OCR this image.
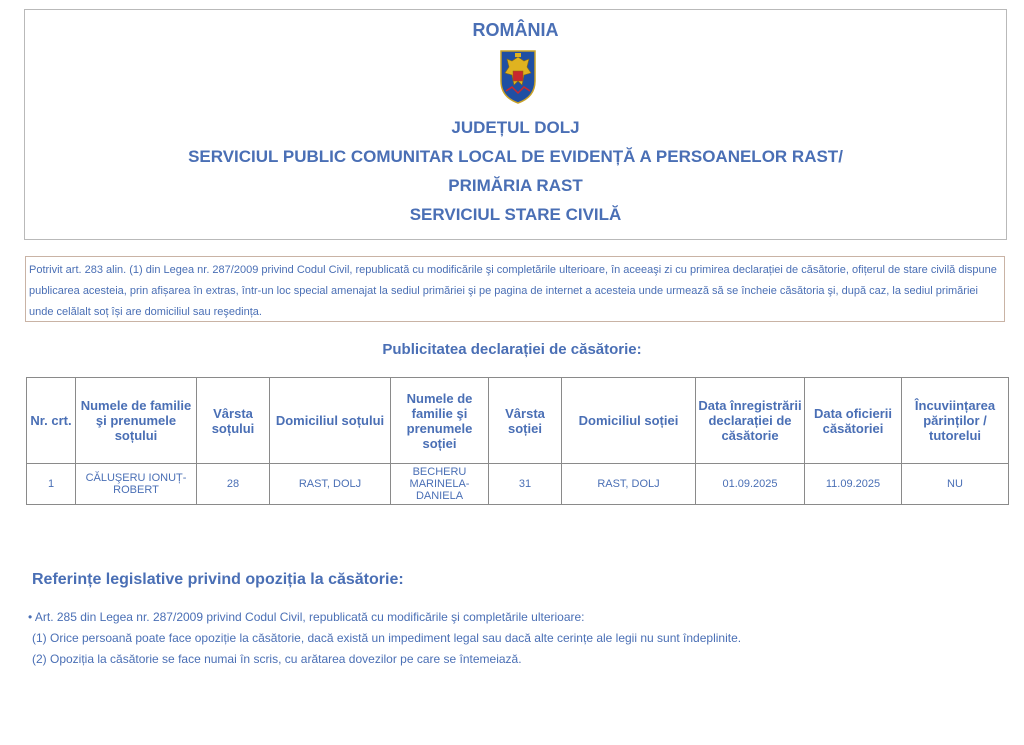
ROMÂNIA
JUDEȚUL DOLJ
SERVICIUL PUBLIC COMUNITAR LOCAL DE EVIDENȚĂ A PERSOANELOR RAST/
PRIMĂRIA RAST
SERVICIUL STARE CIVILĂ
Potrivit art. 283 alin. (1) din Legea nr. 287/2009 privind Codul Civil, republicată cu modificările şi completările ulterioare, în aceeaşi zi cu primirea declarației de căsătorie, ofițerul de stare civilă dispune publicarea acesteia, prin afișarea în extras, într-un loc special amenajat la sediul primăriei şi pe pagina de internet a acesteia unde urmează să se încheie căsătoria şi, după caz, la sediul primăriei unde celălalt soț își are domiciliul sau reşedința.
Publicitatea declarației de căsătorie:
Nr. crt.	Numele de familie şi prenumele soțului	Vârsta soțului	Domiciliul soțului	Numele de familie şi prenumele soției	Vârsta soției	Domiciliul soției	Data înregistrării declarației de căsătorie	Data oficierii căsătoriei	Încuviințarea părinților / tutorelui
1	CĂLUŞERU IONUȚ-ROBERT	28	RAST, DOLJ	BECHERU MARINELA-DANIELA	31	RAST, DOLJ	01.09.2025	11.09.2025	NU
Referințe legislative privind opoziția la căsătorie:
• Art. 285 din Legea nr. 287/2009 privind Codul Civil, republicată cu modificările şi completările ulterioare:
(1) Orice persoană poate face opoziție la căsătorie, dacă există un impediment legal sau dacă alte cerințe ale legii nu sunt îndeplinite.
(2) Opoziția la căsătorie se face numai în scris, cu arătarea dovezilor pe care se întemeiază.
